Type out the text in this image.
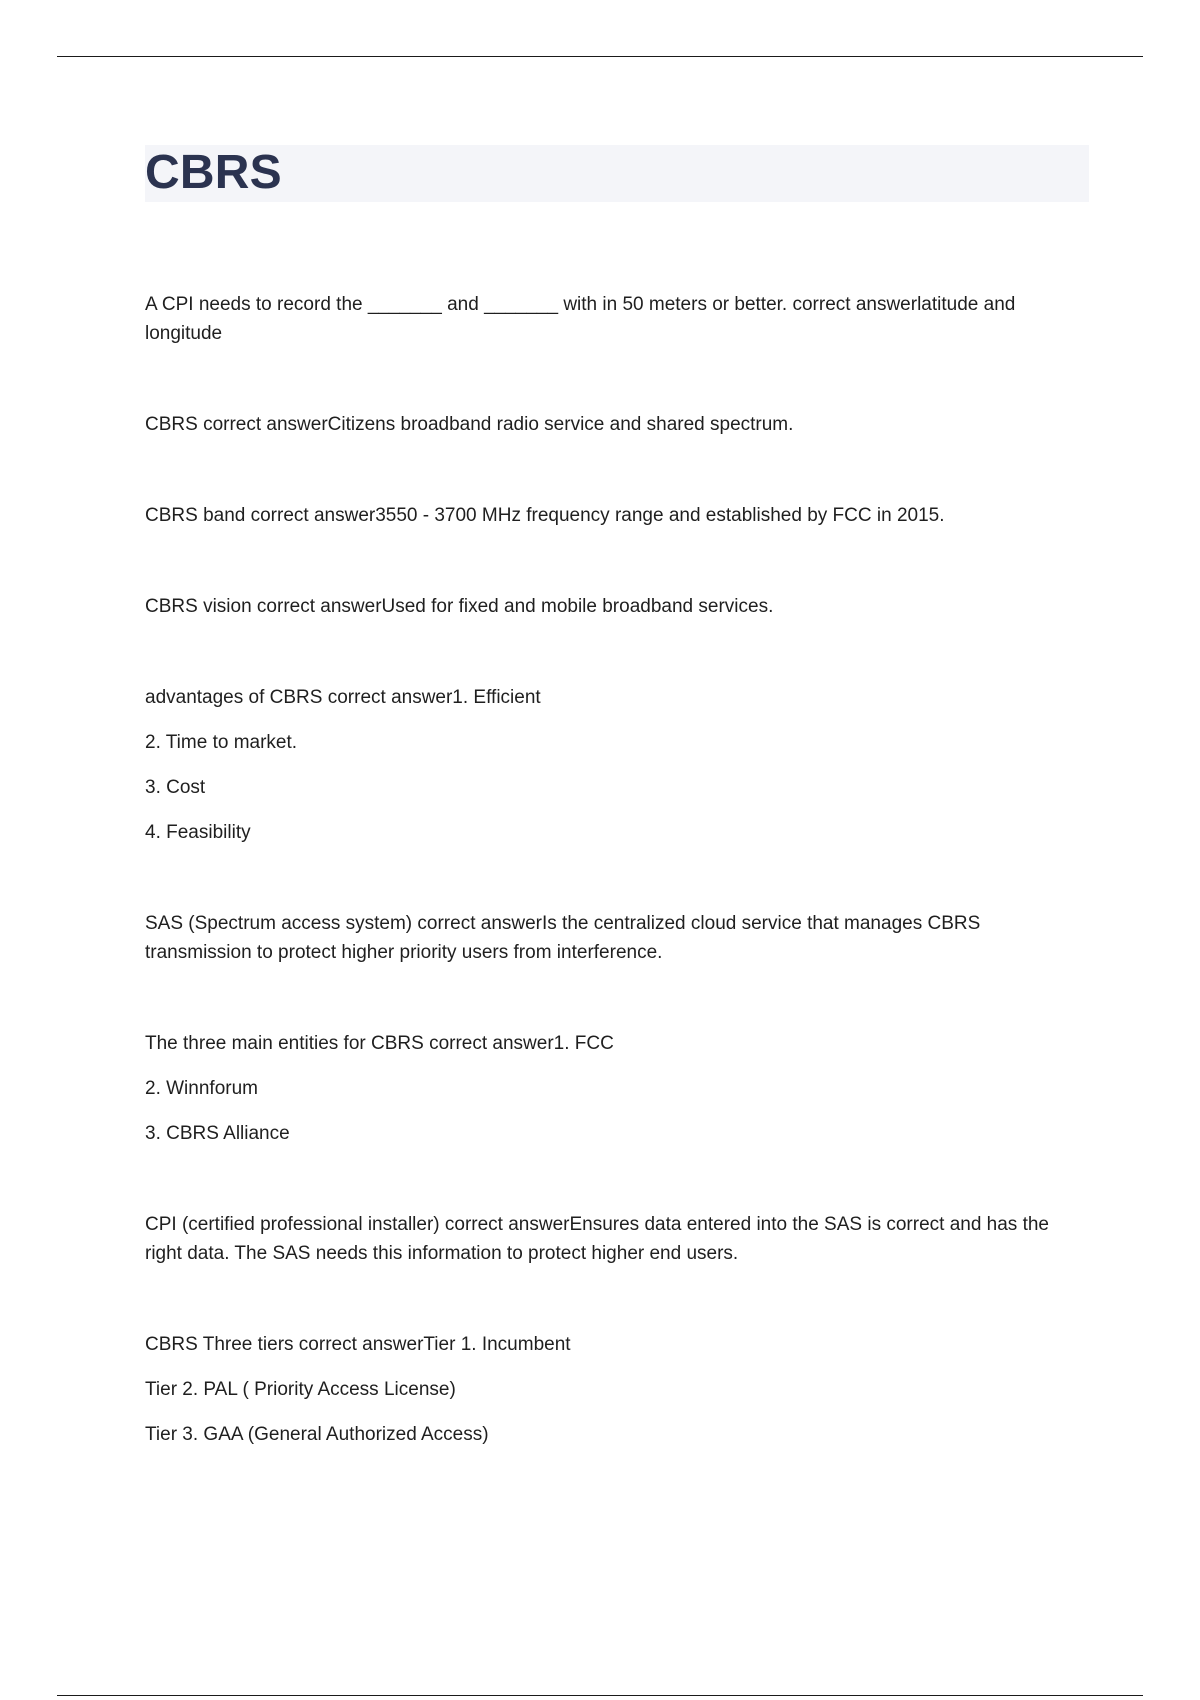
CBRS

A CPI needs to record the _______ and _______ with in 50 meters or better. correct answerlatitude and longitude

CBRS correct answerCitizens broadband radio service and shared spectrum.

CBRS band correct answer3550 - 3700 MHz frequency range and established by FCC in 2015.

CBRS vision correct answerUsed for fixed and mobile broadband services.

advantages of CBRS correct answer1. Efficient

2. Time to market.

3. Cost

4. Feasibility

SAS (Spectrum access system) correct answerIs the centralized cloud service that manages CBRS transmission to protect higher priority users from interference.

The three main entities for CBRS correct answer1. FCC

2. Winnforum

3. CBRS Alliance

CPI (certified professional installer) correct answerEnsures data entered into the SAS is correct and has the right data. The SAS needs this information to protect higher end users.

CBRS Three tiers correct answerTier 1. Incumbent

Tier 2. PAL ( Priority Access License)

Tier 3. GAA (General Authorized Access)
